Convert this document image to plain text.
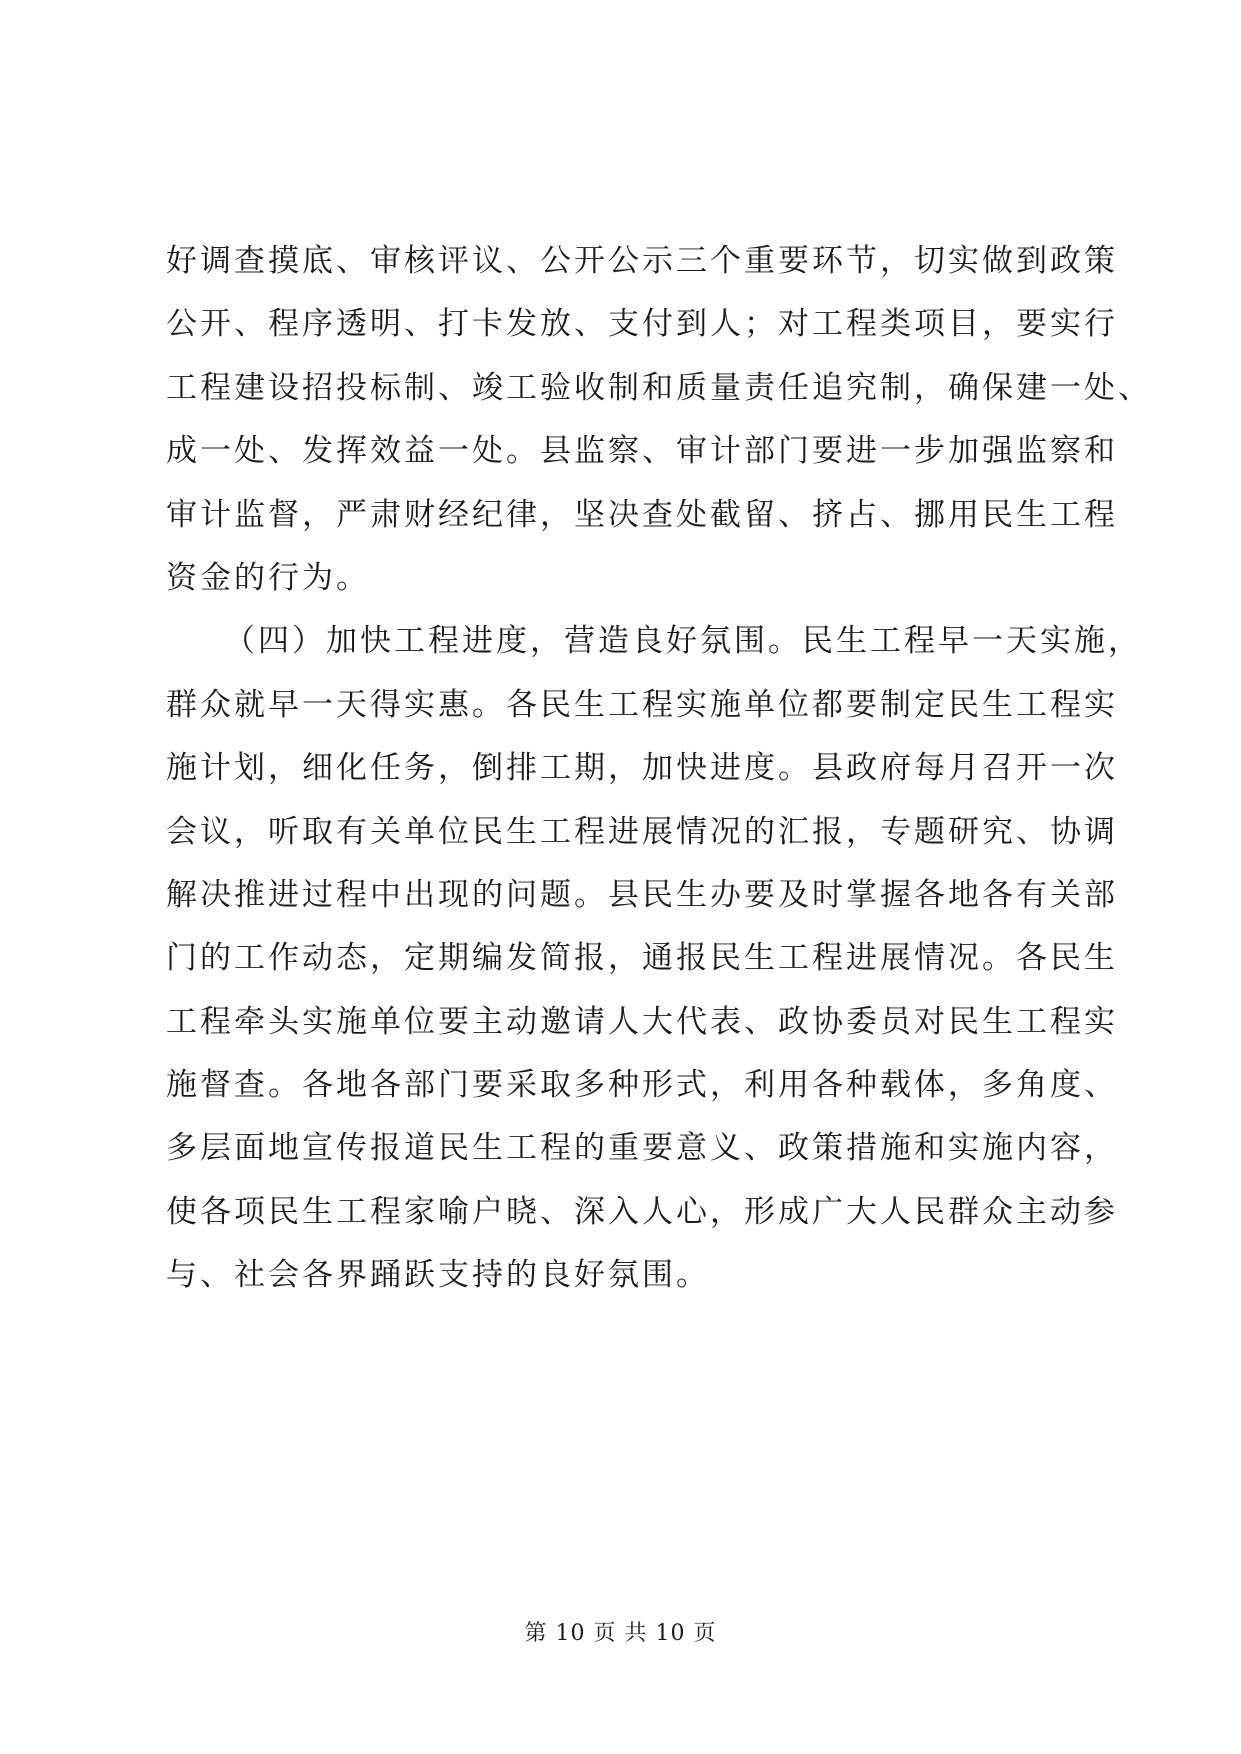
好调查摸底、审核评议、公开公示三个重要环节，切实做到政策
公开、程序透明、打卡发放、支付到人；对工程类项目，要实行
工程建设招投标制、竣工验收制和质量责任追究制，确保建一处、
成一处、发挥效益一处。县监察、审计部门要进一步加强监察和
审计监督，严肃财经纪律，坚决查处截留、挤占、挪用民生工程
资金的行为。
（四）加快工程进度，营造良好氛围。民生工程早一天实施，
群众就早一天得实惠。各民生工程实施单位都要制定民生工程实
施计划，细化任务，倒排工期，加快进度。县政府每月召开一次
会议，听取有关单位民生工程进展情况的汇报，专题研究、协调
解决推进过程中出现的问题。县民生办要及时掌握各地各有关部
门的工作动态，定期编发简报，通报民生工程进展情况。各民生
工程牵头实施单位要主动邀请人大代表、政协委员对民生工程实
施督查。各地各部门要采取多种形式，利用各种载体，多角度、
多层面地宣传报道民生工程的重要意义、政策措施和实施内容，
使各项民生工程家喻户晓、深入人心，形成广大人民群众主动参
与、社会各界踊跃支持的良好氛围。
第 10 页 共 10 页
